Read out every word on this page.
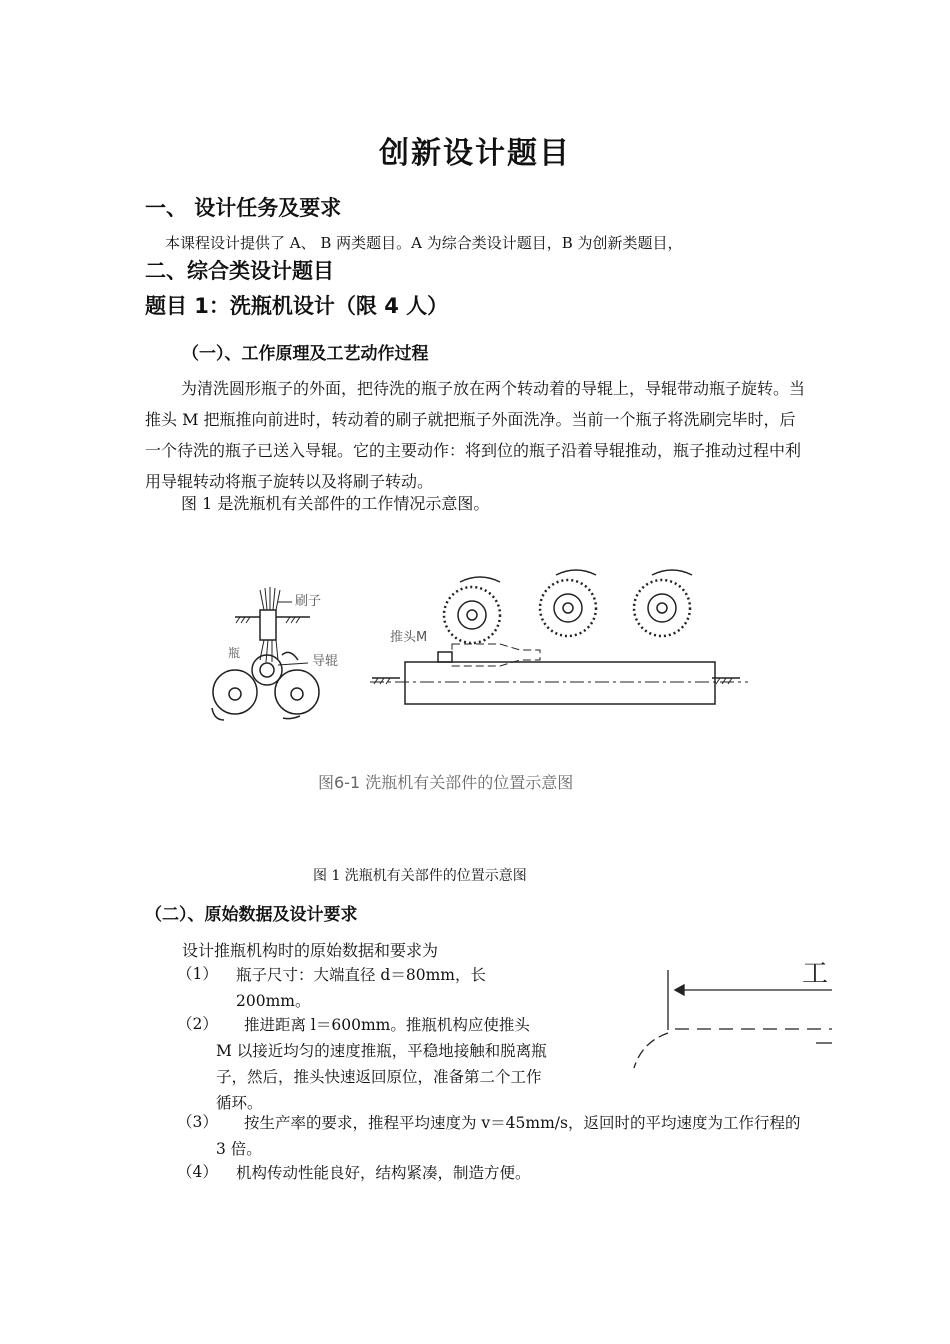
创新设计题目
一、 设计任务及要求
本课程设计提供了 A、 B 两类题目。A 为综合类设计题目，B 为创新类题目，
二、综合类设计题目
题目 1：洗瓶机设计（限 4 人）
（一）、工作原理及工艺动作过程
为清洗圆形瓶子的外面，把待洗的瓶子放在两个转动着的导辊上，导辊带动瓶子旋转。当推头 M 把瓶推向前进时，转动着的刷子就把瓶子外面洗净。当前一个瓶子将洗刷完毕时，后一个待洗的瓶子已送入导辊。它的主要动作：将到位的瓶子沿着导辊推动，瓶子推动过程中利用导辊转动将瓶子旋转以及将刷子转动。
图 1 是洗瓶机有关部件的工作情况示意图。
刷子
瓶
导辊
推头M
图6-1 洗瓶机有关部件的位置示意图
图 1 洗瓶机有关部件的位置示意图
（二）、原始数据及设计要求
设计推瓶机构时的原始数据和要求为
（1） 瓶子尺寸：大端直径 d＝80mm，长 200mm。
（2）	推进距离 l＝600mm。推瓶机构应使推头 M 以接近均匀的速度推瓶，平稳地接触和脱离瓶子，然后，推头快速返回原位，准备第二个工作循环。
（3）	按生产率的要求，推程平均速度为 v＝45mm/s，返回时的平均速度为工作行程的 3 倍。
（4） 机构传动性能良好，结构紧凑，制造方便。
工
